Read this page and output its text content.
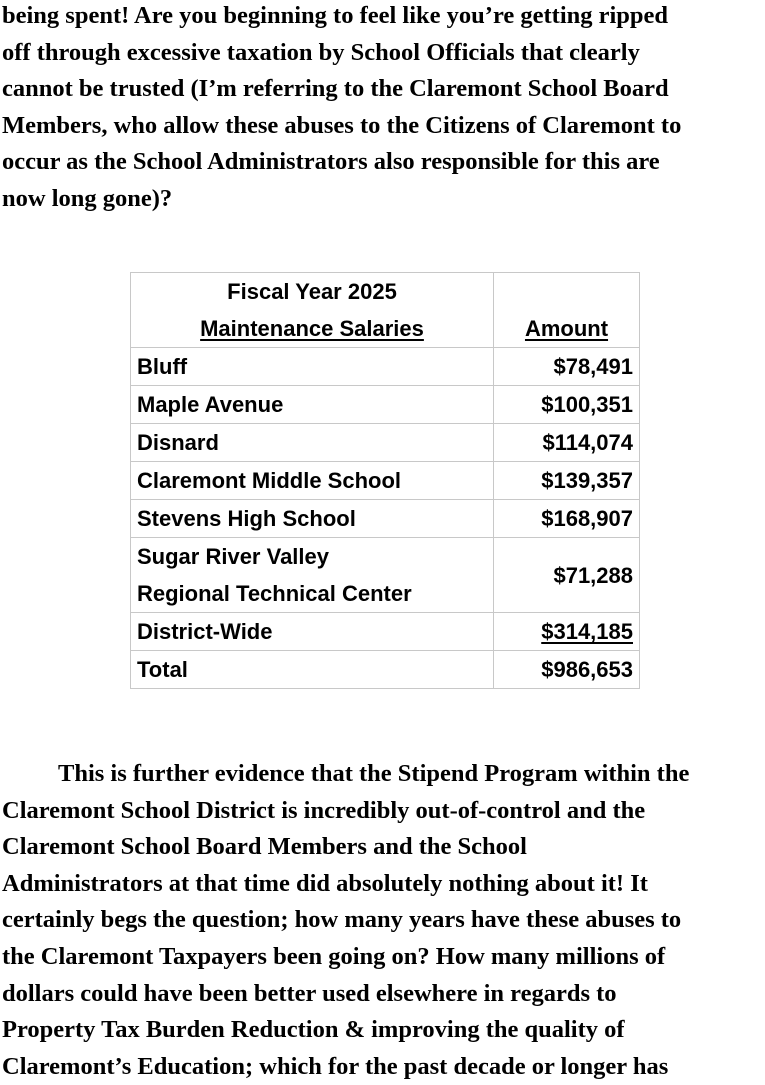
being spent! Are you beginning to feel like you’re getting ripped
off through excessive taxation by School Officials that clearly
cannot be trusted (I’m referring to the Claremont School Board
Members, who allow these abuses to the Citizens of Claremont to
occur as the School Administrators also responsible for this are
now long gone)?
Fiscal Year 2025
Maintenance Salaries	Amount
Bluff	$78,491
Maple Avenue	$100,351
Disnard	$114,074
Claremont Middle School	$139,357
Stevens High School	$168,907

Sugar River Valley
Regional Technical Center	$71,288
District-Wide	$314,185
Total	$986,653
This is further evidence that the Stipend Program within the
Claremont School District is incredibly out-of-control and the
Claremont School Board Members and the School
Administrators at that time did absolutely nothing about it! It
certainly begs the question; how many years have these abuses to
the Claremont Taxpayers been going on? How many millions of
dollars could have been better used elsewhere in regards to
Property Tax Burden Reduction & improving the quality of
Claremont’s Education; which for the past decade or longer has
